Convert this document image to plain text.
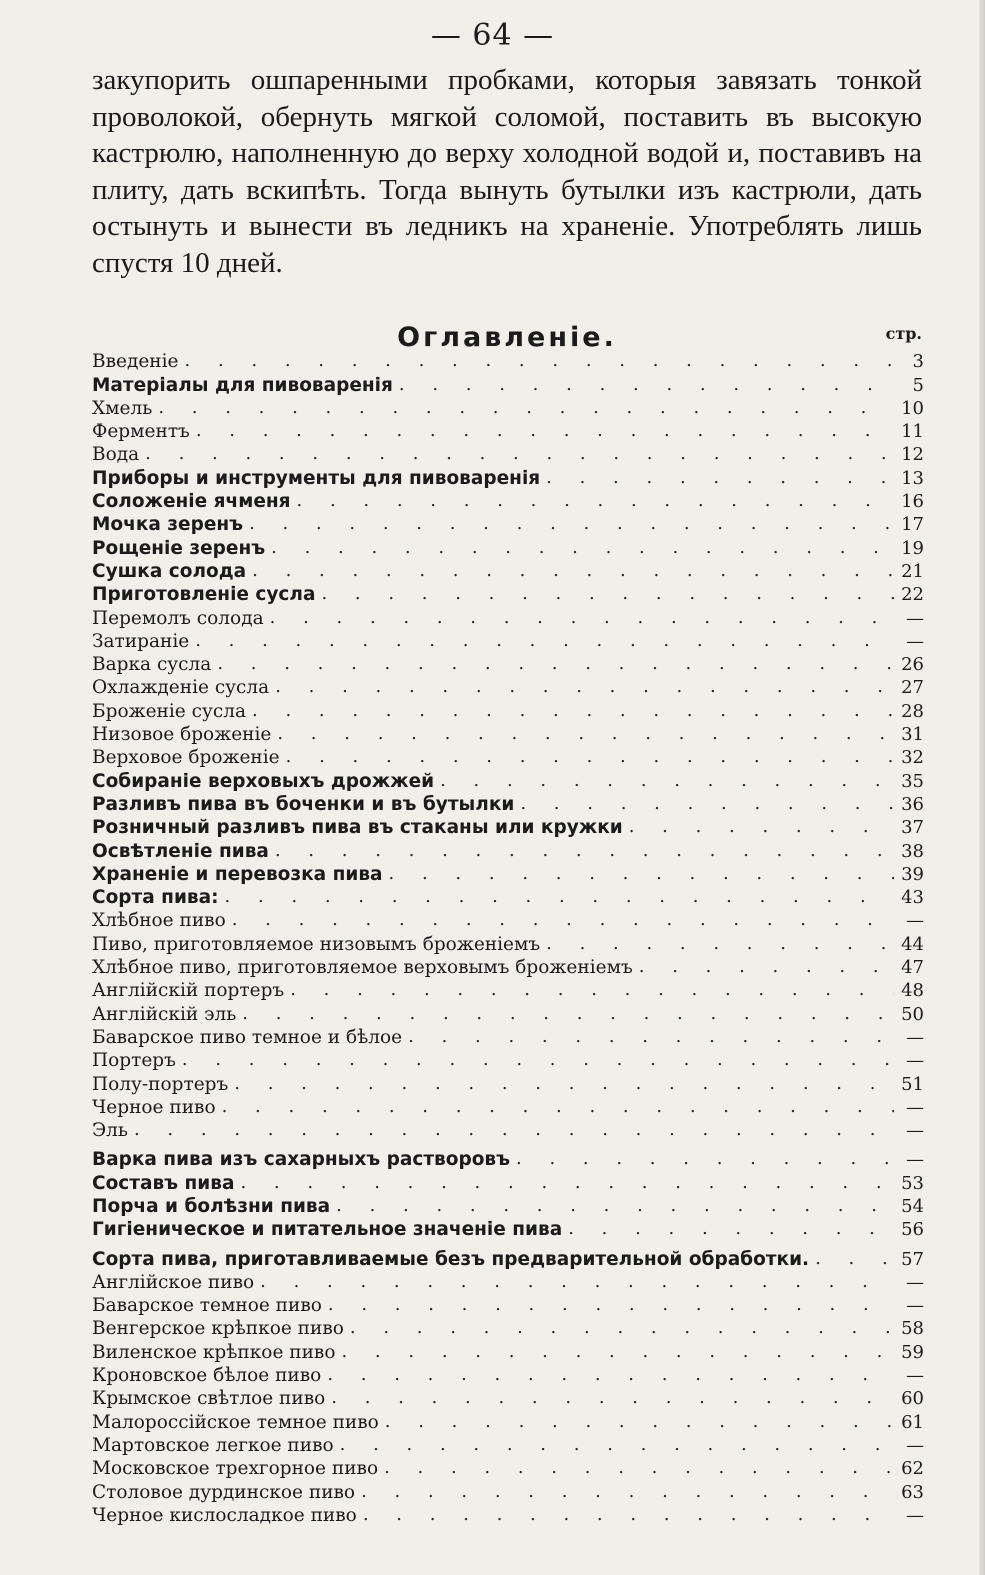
— 64 —
закупорить ошпаренными пробками, которыя завязать тонкой проволокой, обернуть мягкой соломой, поставить въ высокую кастрюлю, наполненную до верху холодной водой и, поставивъ на плиту, дать вскипѣть. Тогда вынуть бутылки изъ кастрюли, дать остынуть и вынести въ ледникъ на храненіе. Употреблять лишь спустя 10 дней.
Оглавленіе.	стр.
Введеніе . . .	3
Матеріалы для пивоваренія . . .	5
Хмель . . .	10
Ферментъ . . .	11
Вода . . .	12
Приборы и инструменты для пивоваренія . . .	13
Соложеніе ячменя . . .	16
Мочка зеренъ . . .	17
Рощеніе зеренъ . . .	19
Сушка солода . . .	21
Приготовленіе сусла . . .	22
Перемолъ солода . . .	—
Затираніе . . .	—
Варка сусла . . .	26
Охлажденіе сусла . . .	27
Броженіе сусла . . .	28
Низовое броженіе . . .	31
Верховое броженіе . . .	32
Собираніе верховыхъ дрожжей . . .	35
Разливъ пива въ боченки и въ бутылки . . .	36
Розничный разливъ пива въ стаканы или кружки . . .	37
Освѣтленіе пива . . .	38
Храненіе и перевозка пива . . .	39
Сорта пива: . . .	43
Хлѣбное пиво . . .	—
Пиво, приготовляемое низовымъ броженіемъ . . .	44
Хлѣбное пиво, приготовляемое верховымъ броженіемъ . . .	47
Англійскій портеръ . . .	48
Англійскій эль . . .	50
Баварское пиво темное и бѣлое . . .	—
Портеръ . . .	—
Полу-портеръ . . .	51
Черное пиво . . .	—
Эль . . .	—
Варка пива изъ сахарныхъ растворовъ . . .	—
Составъ пива . . .	53
Порча и болѣзни пива . . .	54
Гигіеническое и питательное значеніе пива . . .	56
Сорта пива, приготавливаемые безъ предварительной обработки. . . .	57
Англійское пиво . . .	—
Баварское темное пиво . . .	—
Венгерское крѣпкое пиво . . .	58
Виленское крѣпкое пиво . . .	59
Кроновское бѣлое пиво . . .	—
Крымское свѣтлое пиво . . .	60
Малороссійское темное пиво . . .	61
Мартовское легкое пиво . . .	—
Московское трехгорное пиво . . .	62
Столовое дурдинское пиво . . .	63
Черное кислосладкое пиво . . .	—
